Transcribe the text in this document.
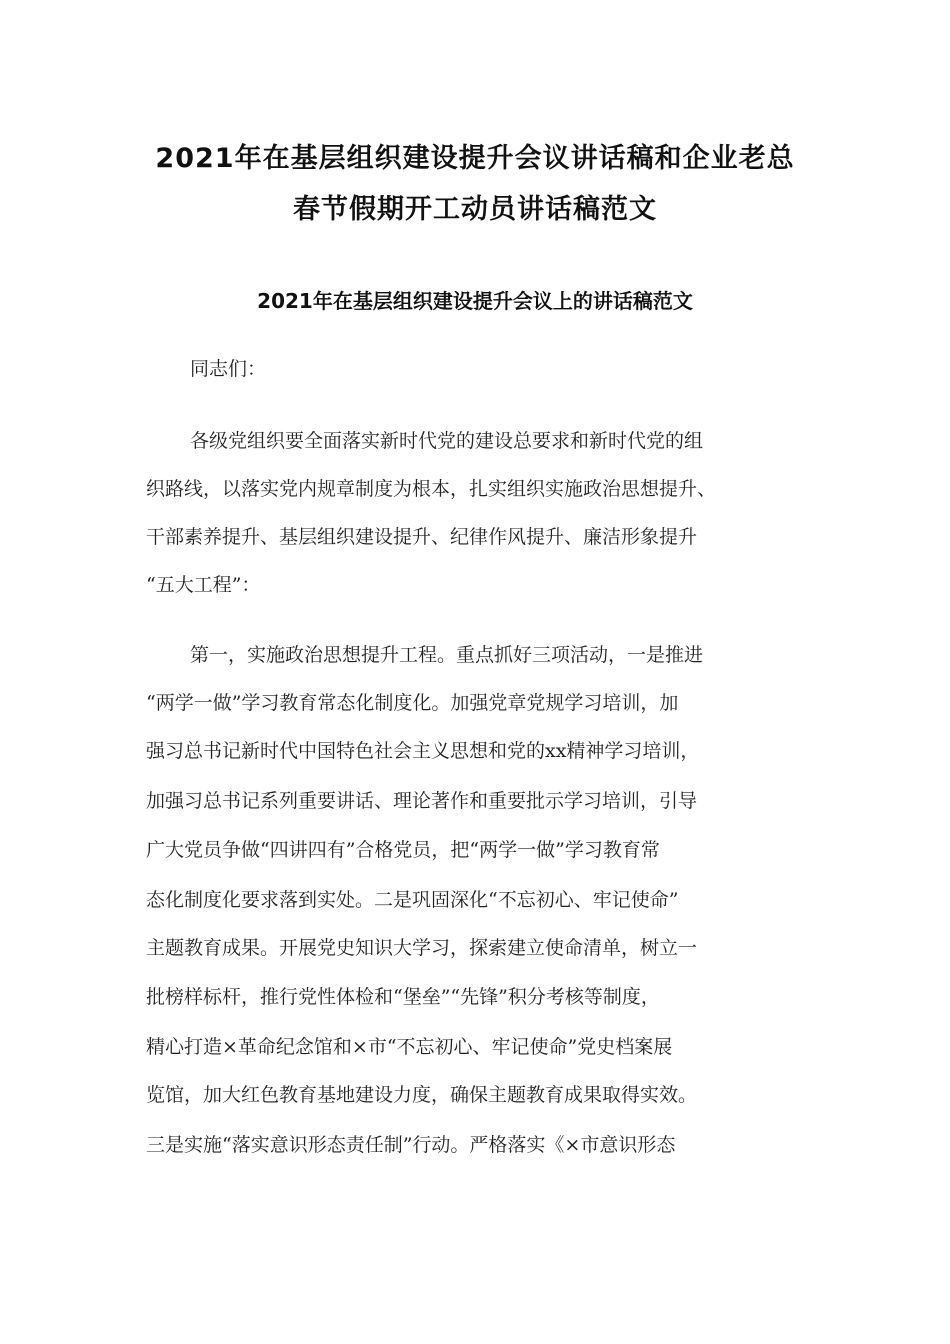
2021年在基层组织建设提升会议讲话稿和企业老总
春节假期开工动员讲话稿范文
2021年在基层组织建设提升会议上的讲话稿范文
同志们：
各级党组织要全面落实新时代党的建设总要求和新时代党的组
织路线，以落实党内规章制度为根本，扎实组织实施政治思想提升、
干部素养提升、基层组织建设提升、纪律作风提升、廉洁形象提升
“五大工程”：
第一，实施政治思想提升工程。重点抓好三项活动，一是推进
“两学一做”学习教育常态化制度化。加强党章党规学习培训，加
强习总书记新时代中国特色社会主义思想和党的xx精神学习培训，
加强习总书记系列重要讲话、理论著作和重要批示学习培训，引导
广大党员争做“四讲四有”合格党员，把“两学一做”学习教育常
态化制度化要求落到实处。二是巩固深化“不忘初心、牢记使命”
主题教育成果。开展党史知识大学习，探索建立使命清单，树立一
批榜样标杆，推行党性体检和“堡垒”“先锋”积分考核等制度，
精心打造×革命纪念馆和×市“不忘初心、牢记使命”党史档案展
览馆，加大红色教育基地建设力度，确保主题教育成果取得实效。
三是实施“落实意识形态责任制”行动。严格落实《×市意识形态
